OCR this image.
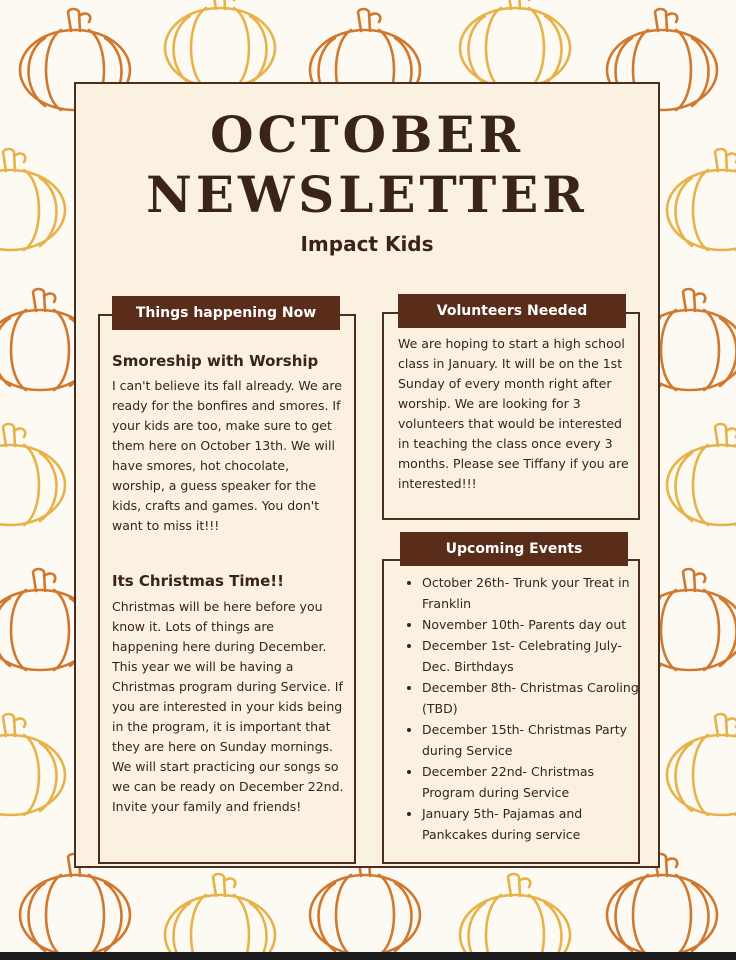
OCTOBER
NEWSLETTER
Impact Kids
Things happening Now
Smoreship with Worship

I can't believe its fall already. We are ready for the bonfires and smores. If your kids are too, make sure to get them here on October 13th. We will have smores, hot chocolate, worship, a guess speaker for the kids, crafts and games. You don't want to miss it!!!

Its Christmas Time!!

Christmas will be here before you know it. Lots of things are happening here during December. This year we will be having a Christmas program during Service. If you are interested in your kids being in the program, it is important that they are here on Sunday mornings. We will start practicing our songs so we can be ready on December 22nd. Invite your family and friends!

Volunteers Needed

We are hoping to start a high school class in January. It will be on the 1st Sunday of every month right after worship. We are looking for 3 volunteers that would be interested in teaching the class once every 3 months. Please see Tiffany if you are interested!!!

Upcoming Events
• October 26th- Trunk your Treat in Franklin
• November 10th- Parents day out
• December 1st- Celebrating July-Dec. Birthdays
• December 8th- Christmas Caroling (TBD)
• December 15th- Christmas Party during Service
• December 22nd- Christmas Program during Service
• January 5th- Pajamas and Pankcakes during service
